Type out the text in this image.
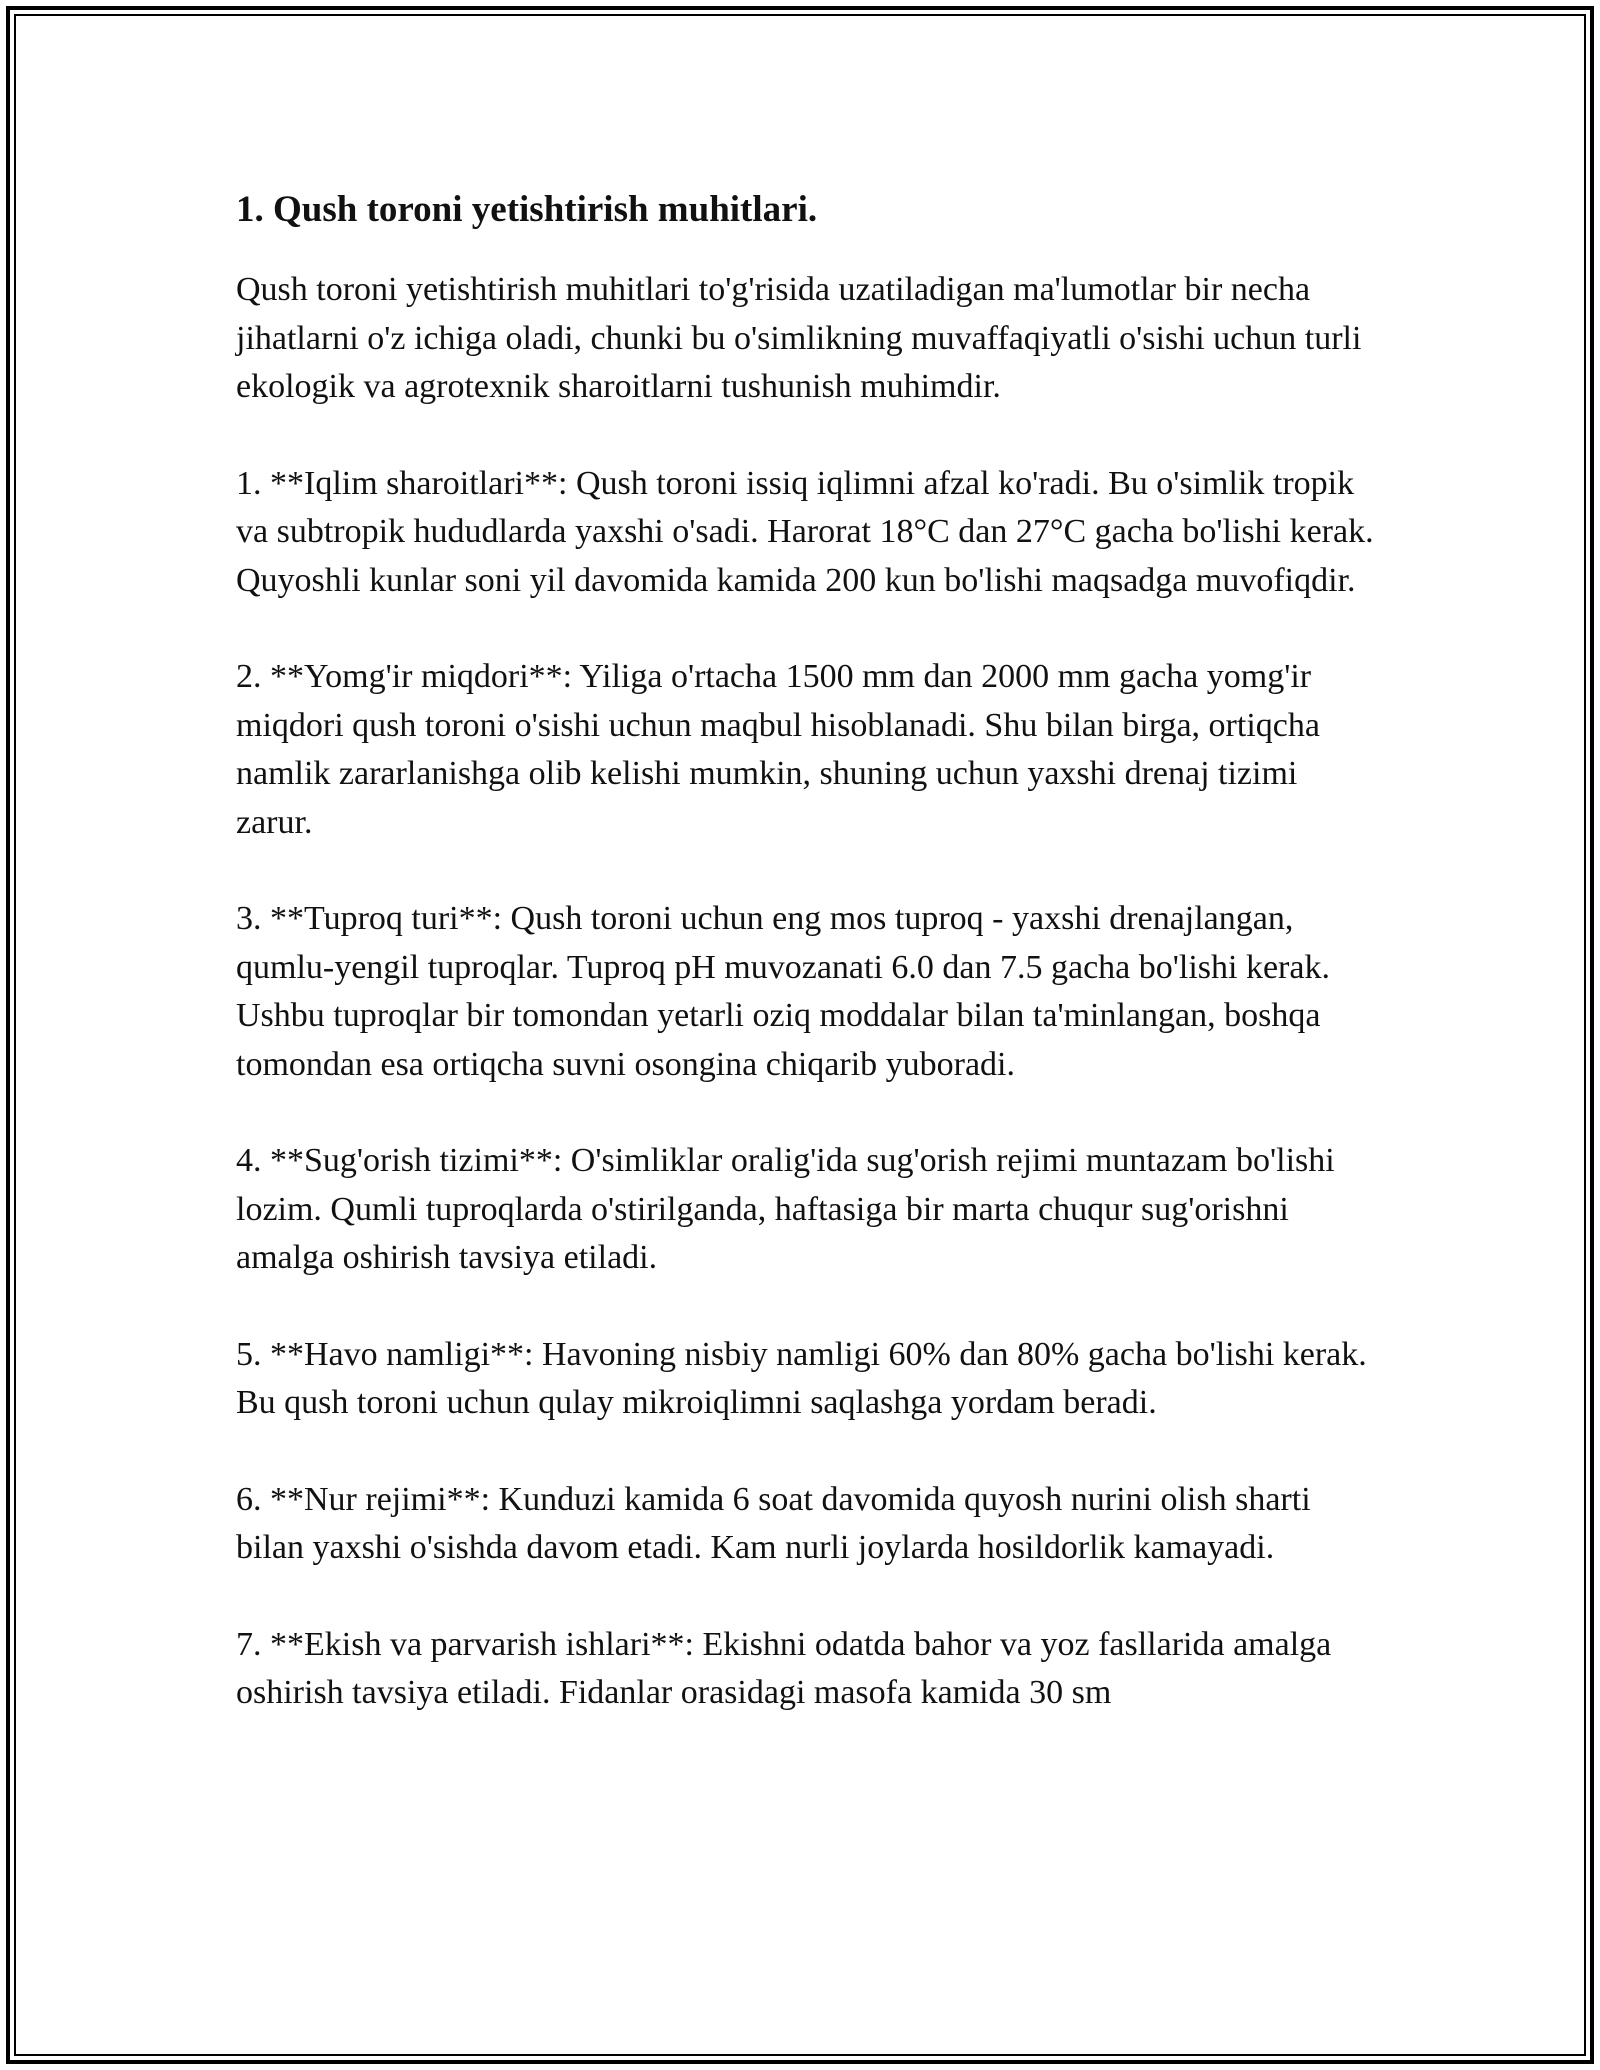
1. Qush toroni yetishtirish muhitlari.

Qush toroni yetishtirish muhitlari to'g'risida uzatiladigan ma'lumotlar bir necha jihatlarni o'z ichiga oladi, chunki bu o'simlikning muvaffaqiyatli o'sishi uchun turli ekologik va agrotexnik sharoitlarni tushunish muhimdir.

1. **Iqlim sharoitlari**: Qush toroni issiq iqlimni afzal ko'radi. Bu o'simlik tropik va subtropik hududlarda yaxshi o'sadi. Harorat 18°C dan 27°C gacha bo'lishi kerak. Quyoshli kunlar soni yil davomida kamida 200 kun bo'lishi maqsadga muvofiqdir.

2. **Yomg'ir miqdori**: Yiliga o'rtacha 1500 mm dan 2000 mm gacha yomg'ir miqdori qush toroni o'sishi uchun maqbul hisoblanadi. Shu bilan birga, ortiqcha namlik zararlanishga olib kelishi mumkin, shuning uchun yaxshi drenaj tizimi zarur.

3. **Tuproq turi**: Qush toroni uchun eng mos tuproq - yaxshi drenajlangan, qumlu-yengil tuproqlar. Tuproq pH muvozanati 6.0 dan 7.5 gacha bo'lishi kerak. Ushbu tuproqlar bir tomondan yetarli oziq moddalar bilan ta'minlangan, boshqa tomondan esa ortiqcha suvni osongina chiqarib yuboradi.

4. **Sug'orish tizimi**: O'simliklar oralig'ida sug'orish rejimi muntazam bo'lishi lozim. Qumli tuproqlarda o'stirilganda, haftasiga bir marta chuqur sug'orishni amalga oshirish tavsiya etiladi.

5. **Havo namligi**: Havoning nisbiy namligi 60% dan 80% gacha bo'lishi kerak. Bu qush toroni uchun qulay mikroiqlimni saqlashga yordam beradi.

6. **Nur rejimi**: Kunduzi kamida 6 soat davomida quyosh nurini olish sharti bilan yaxshi o'sishda davom etadi. Kam nurli joylarda hosildorlik kamayadi.

7. **Ekish va parvarish ishlari**: Ekishni odatda bahor va yoz fasllarida amalga oshirish tavsiya etiladi. Fidanlar orasidagi masofa kamida 30 sm
